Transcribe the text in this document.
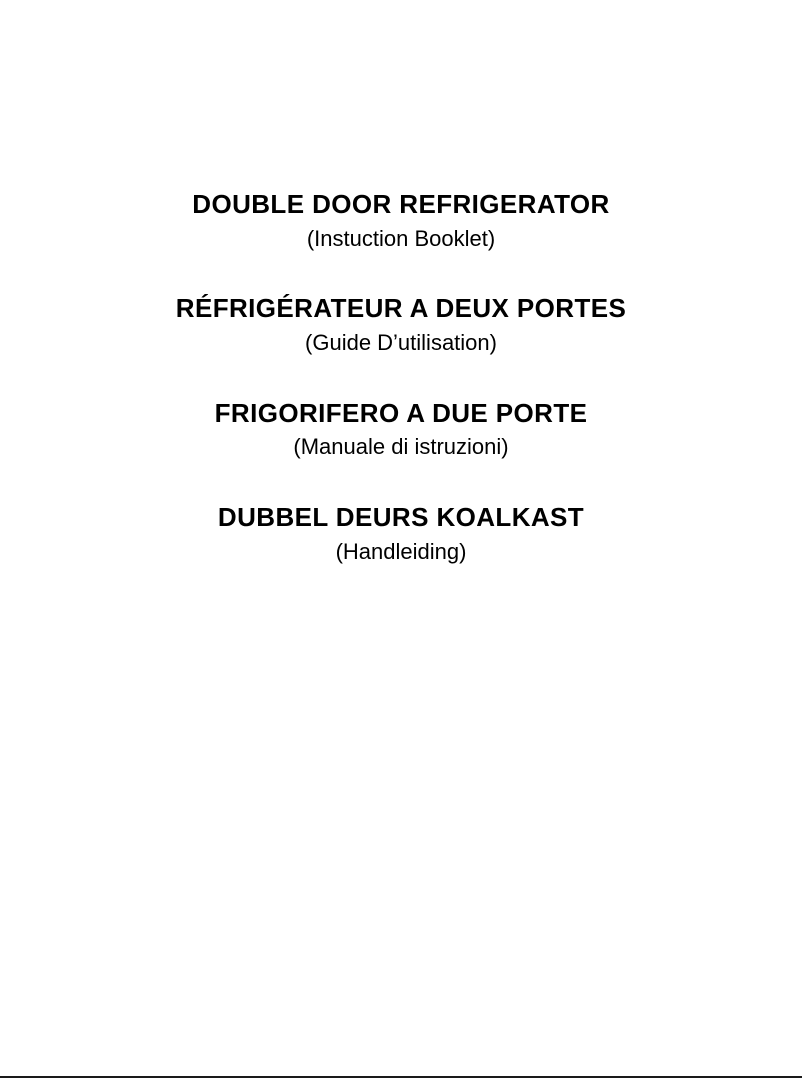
DOUBLE DOOR REFRIGERATOR
(Instuction Booklet)
RÉFRIGÉRATEUR A DEUX PORTES
(Guide D’utilisation)
FRIGORIFERO A DUE PORTE
(Manuale di istruzioni)
DUBBEL DEURS KOALKAST
(Handleiding)
